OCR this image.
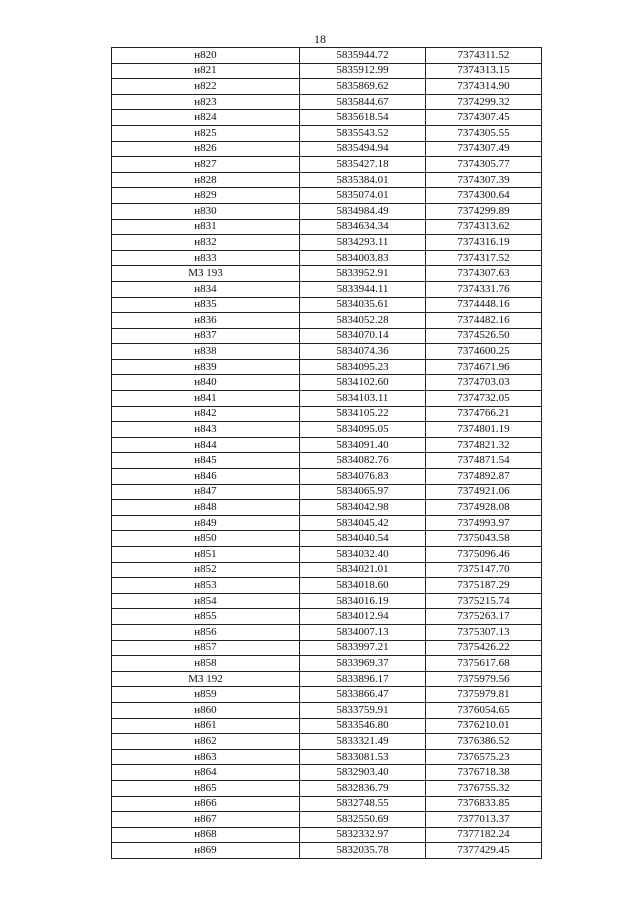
18
н820	5835944.72	7374311.52
н821	5835912.99	7374313.15
н822	5835869.62	7374314.90
н823	5835844.67	7374299.32
н824	5835618.54	7374307.45
н825	5835543.52	7374305.55
н826	5835494.94	7374307.49
н827	5835427.18	7374305.77
н828	5835384.01	7374307.39
н829	5835074.01	7374300.64
н830	5834984.49	7374299.89
н831	5834634.34	7374313.62
н832	5834293.11	7374316.19
н833	5834003.83	7374317.52
МЗ 193	5833952.91	7374307.63
н834	5833944.11	7374331.76
н835	5834035.61	7374448.16
н836	5834052.28	7374482.16
н837	5834070.14	7374526.50
н838	5834074.36	7374600.25
н839	5834095.23	7374671.96
н840	5834102.60	7374703.03
н841	5834103.11	7374732.05
н842	5834105.22	7374766.21
н843	5834095.05	7374801.19
н844	5834091.40	7374821.32
н845	5834082.76	7374871.54
н846	5834076.83	7374892.87
н847	5834065.97	7374921.06
н848	5834042.98	7374928.08
н849	5834045.42	7374993.97
н850	5834040.54	7375043.58
н851	5834032.40	7375096.46
н852	5834021.01	7375147.70
н853	5834018.60	7375187.29
н854	5834016.19	7375215.74
н855	5834012.94	7375263.17
н856	5834007.13	7375307.13
н857	5833997.21	7375426.22
н858	5833969.37	7375617.68
МЗ 192	5833896.17	7375979.56
н859	5833866.47	7375979.81
н860	5833759.91	7376054.65
н861	5833546.80	7376210.01
н862	5833321.49	7376386.52
н863	5833081.53	7376575.23
н864	5832903.40	7376718.38
н865	5832836.79	7376755.32
н866	5832748.55	7376833.85
н867	5832550.69	7377013.37
н868	5832332.97	7377182.24
н869	5832035.78	7377429.45
